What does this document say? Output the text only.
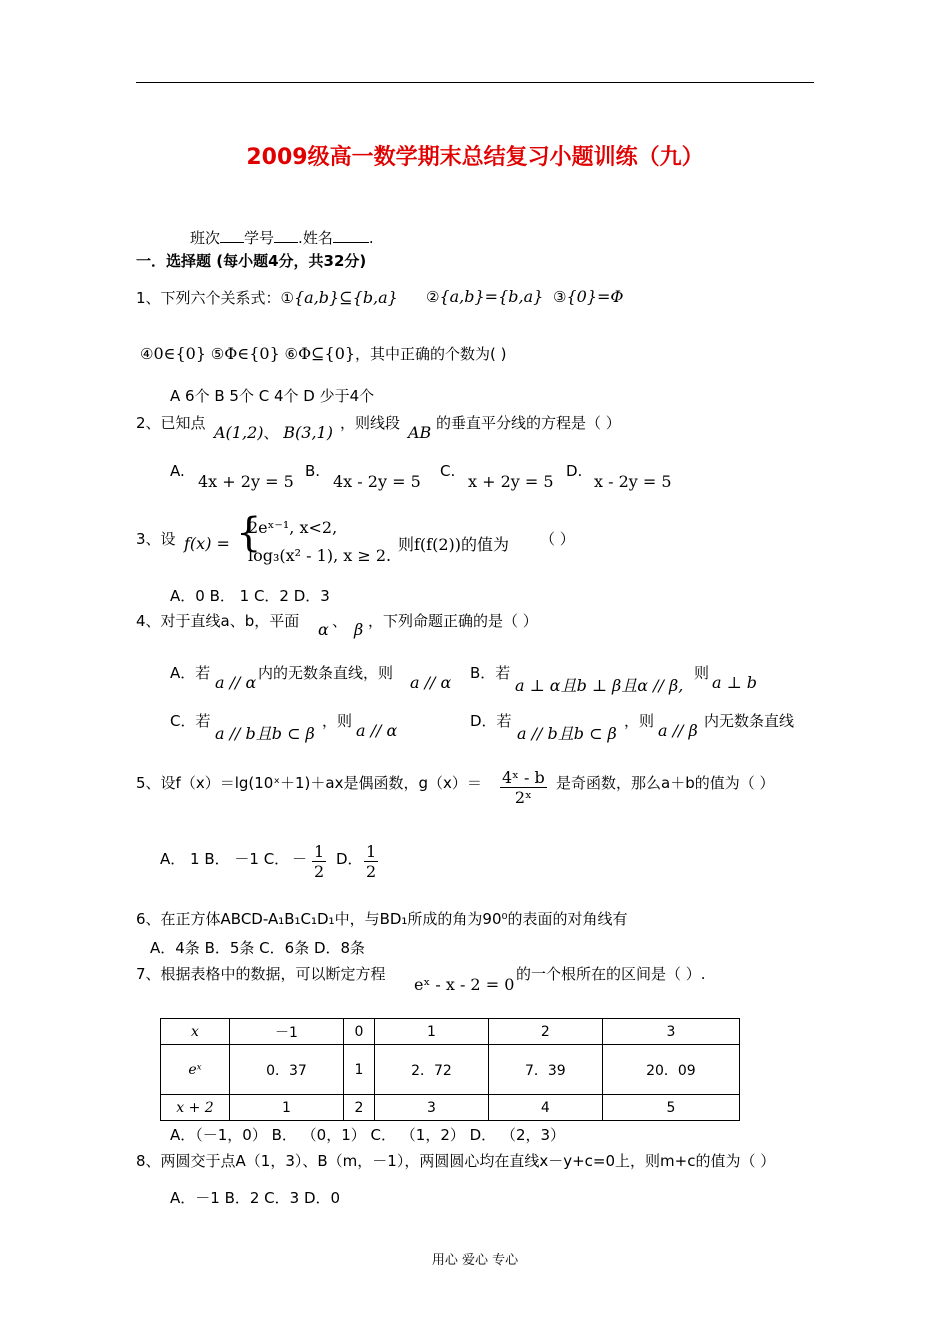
2009级高一数学期末总结复习小题训练（九）
班次 学号 .姓名 .
一．选择题 (每小题4分，共32分)
1、下列六个关系式：①{a,b}⊆{b,a} ②{a,b}={b,a} ③{0}=Φ
④0∈{0} ⑤Φ∈{0} ⑥Φ⊆{0}，其中正确的个数为( )
A 6个 B 5个 C 4个 D 少于4个
2、已知点 A(1,2)、 B(3,1) ，则线段 AB 的垂直平分线的方程是（ ）
A.
4x + 2y = 5
B.
4x - 2y = 5
C.
x + 2y = 5
D.
x - 2y = 5
3、设 f(x) = {
2eˣ⁻¹, x<2,
log₃(x² - 1), x ≥ 2.
则f(f(2))的值为 （ ）
A．0 B． 1 C．2 D．3
4、对于直线a、b，平面 α 、 β ，下列命题正确的是（ ）
A．若 a // α 内的无数条直线，则 a // α B．若
a ⊥ α且b ⊥ β且α // β,
则 a ⊥ b
C．若
a // b且b ⊂ β
，则 a // α	D．若
a // b且b ⊂ β
，则 a // β 内无数条直线
5、设f（x）＝lg(10ˣ＋1)＋ax是偶函数，$g(x)= \frac{\text{4ˣ - b}}{\text{2ˣ}}$ 是奇函数，那么a＋b的值为（ ）
A． 1 B． －1 C． － $\frac{1}{2}$ D． $\frac{1}{2}$
6、在正方体ABCD-A₁B₁C₁D₁中，与BD₁所成的角为90⁰的表面的对角线有
A．4条 B．5条 C．6条 D．8条
7、根据表格中的数据，可以断定方程
eˣ - x - 2 = 0
的一个根所在的区间是（ ）.
x	－1	0	1	2	3
eˣ	0．37	1	2．72	7．39	20．09
x + 2	1	2	3	4	5
A．（－1，0） B． （0，1） C． （1，2） D． （2，3）
8、两圆交于点A（1，3）、B（m，－1），两圆圆心均在直线x－y+c=0上，则m+c的值为（ ）
A．－1 B．2 C．3 D．0
用心 爱心 专心
